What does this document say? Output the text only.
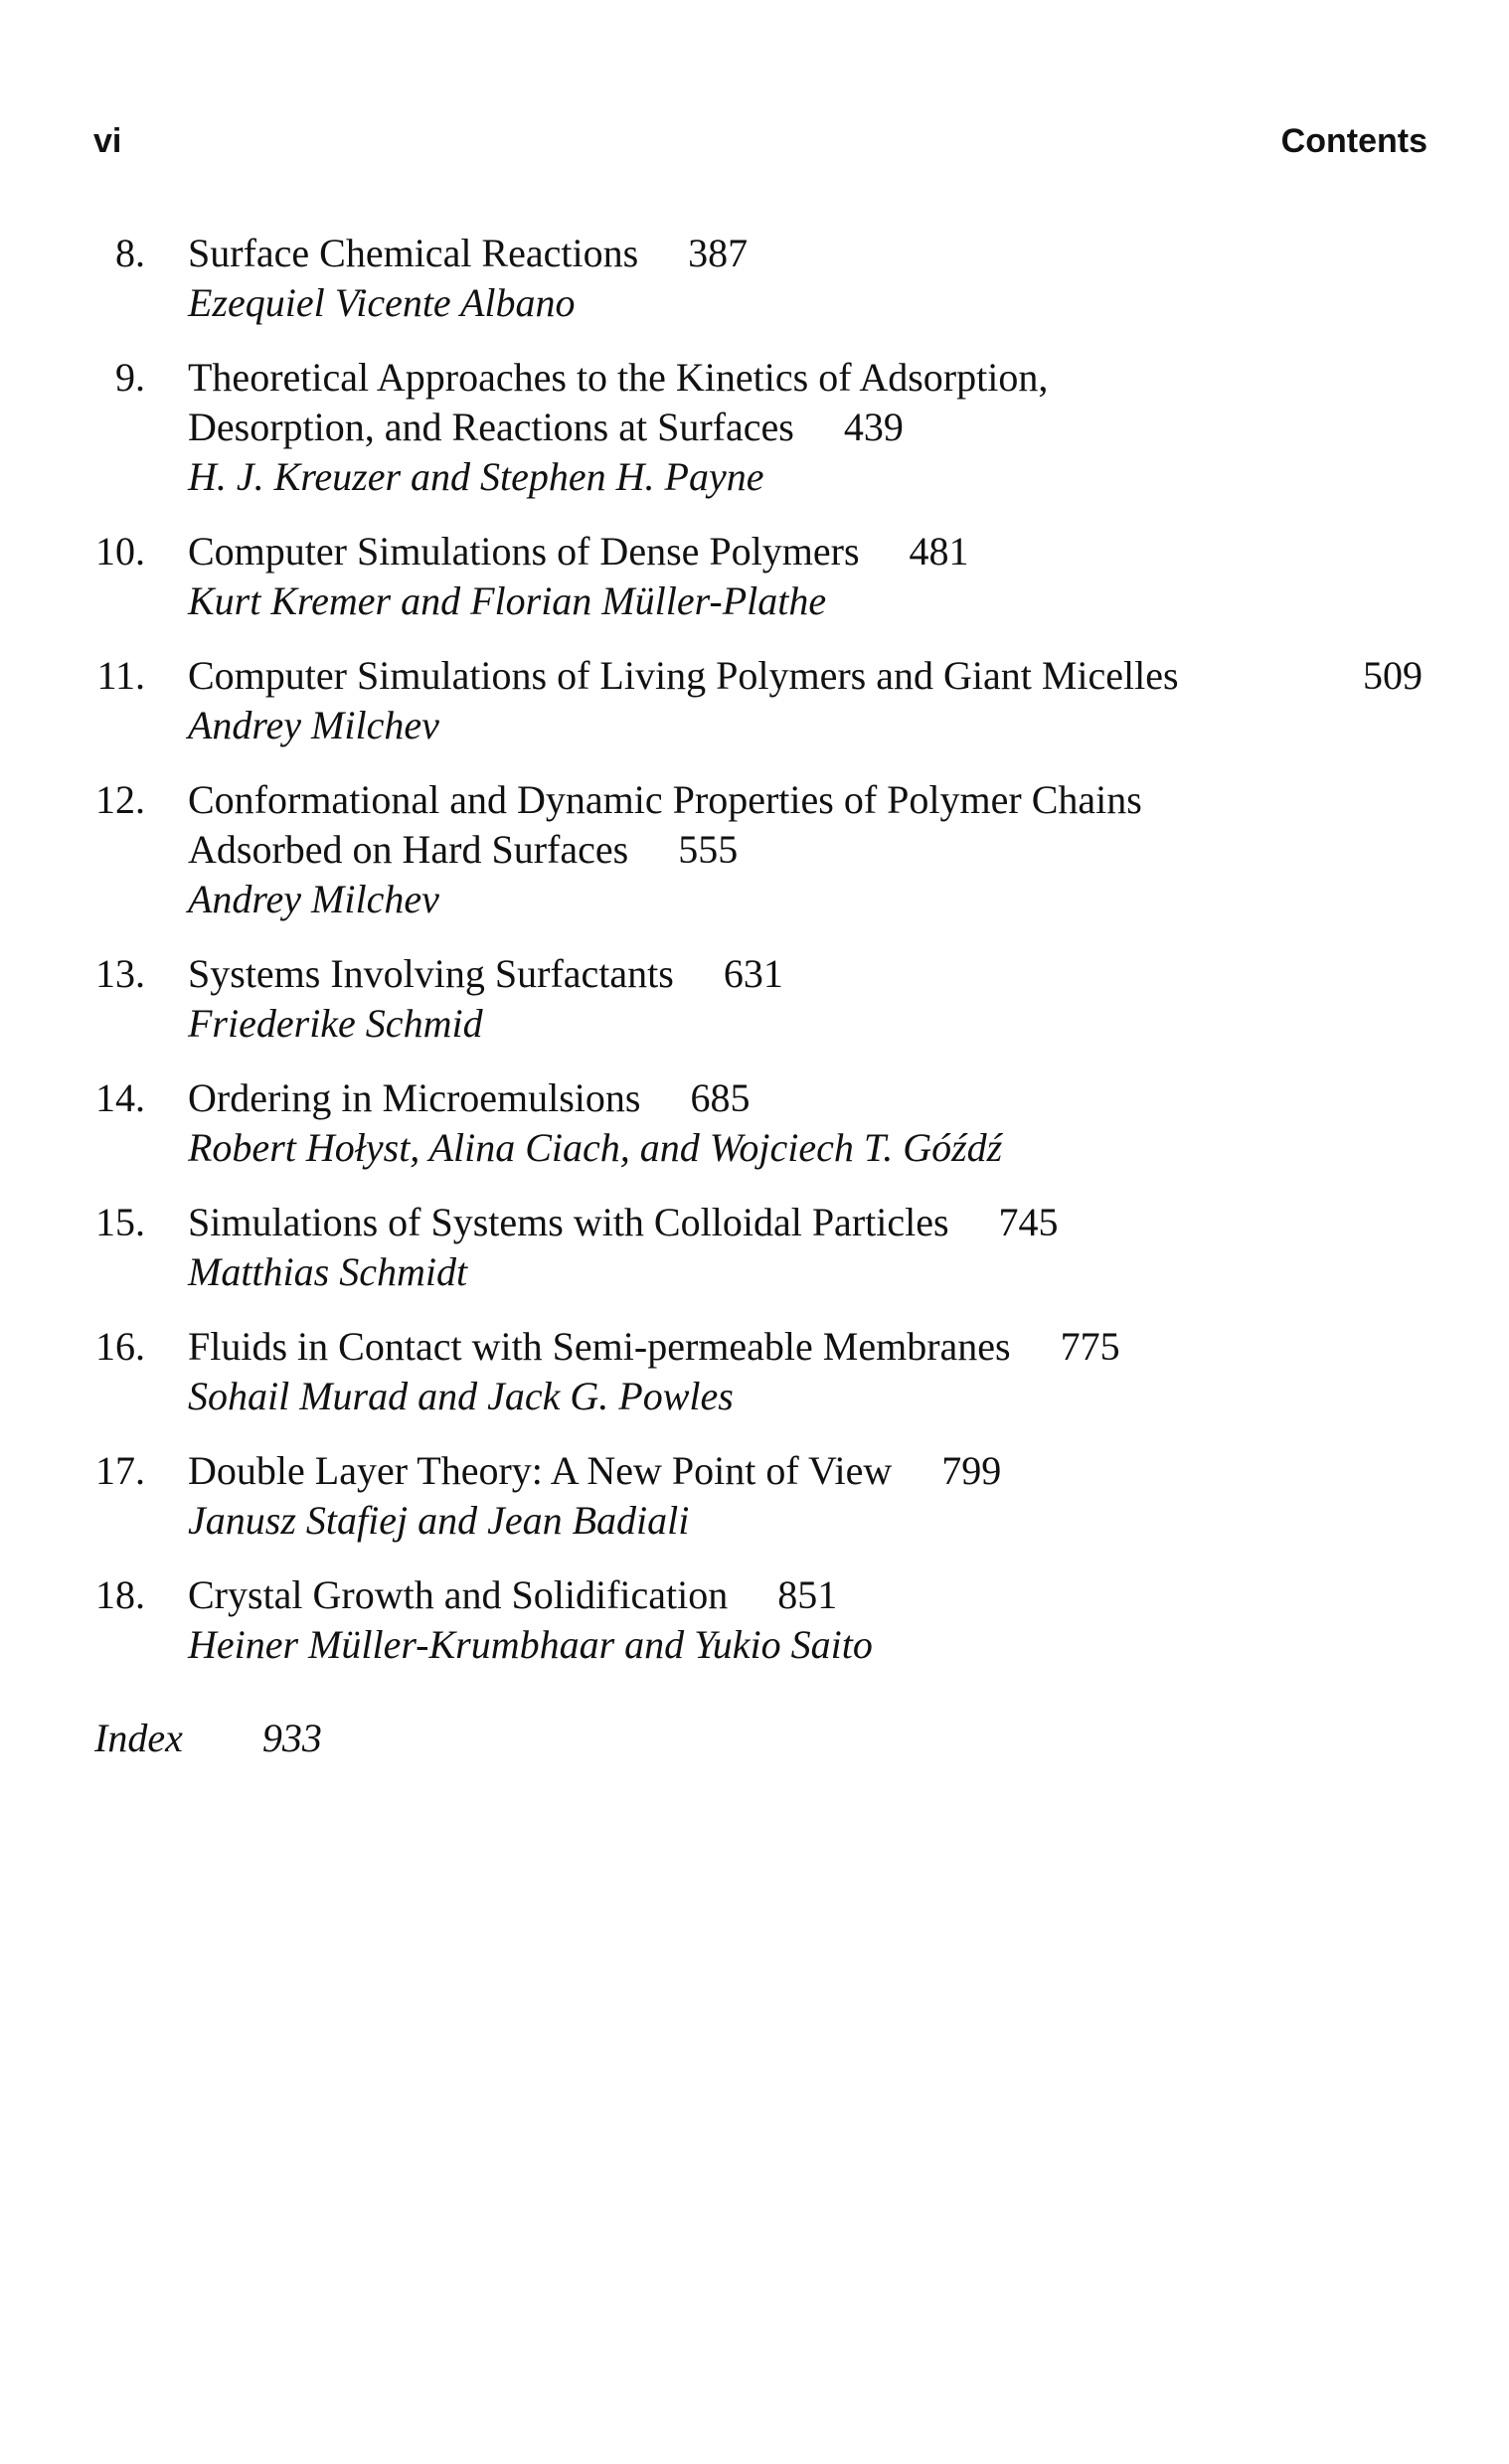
vi	Contents

8. Surface Chemical Reactions 387
Ezequiel Vicente Albano
9. Theoretical Approaches to the Kinetics of Adsorption,
Desorption, and Reactions at Surfaces 439
H. J. Kreuzer and Stephen H. Payne
10. Computer Simulations of Dense Polymers 481
Kurt Kremer and Florian Müller-Plathe
11. Computer Simulations of Living Polymers and Giant Micelles	509
Andrey Milchev
12. Conformational and Dynamic Properties of Polymer Chains
Adsorbed on Hard Surfaces 555
Andrey Milchev
13. Systems Involving Surfactants 631
Friederike Schmid
14. Ordering in Microemulsions 685
Robert Hołyst, Alina Ciach, and Wojciech T. Góźdź
15. Simulations of Systems with Colloidal Particles 745
Matthias Schmidt
16. Fluids in Contact with Semi-permeable Membranes 775
Sohail Murad and Jack G. Powles
17. Double Layer Theory: A New Point of View 799
Janusz Stafiej and Jean Badiali
18. Crystal Growth and Solidification 851
Heiner Müller-Krumbhaar and Yukio Saito

Index 933
